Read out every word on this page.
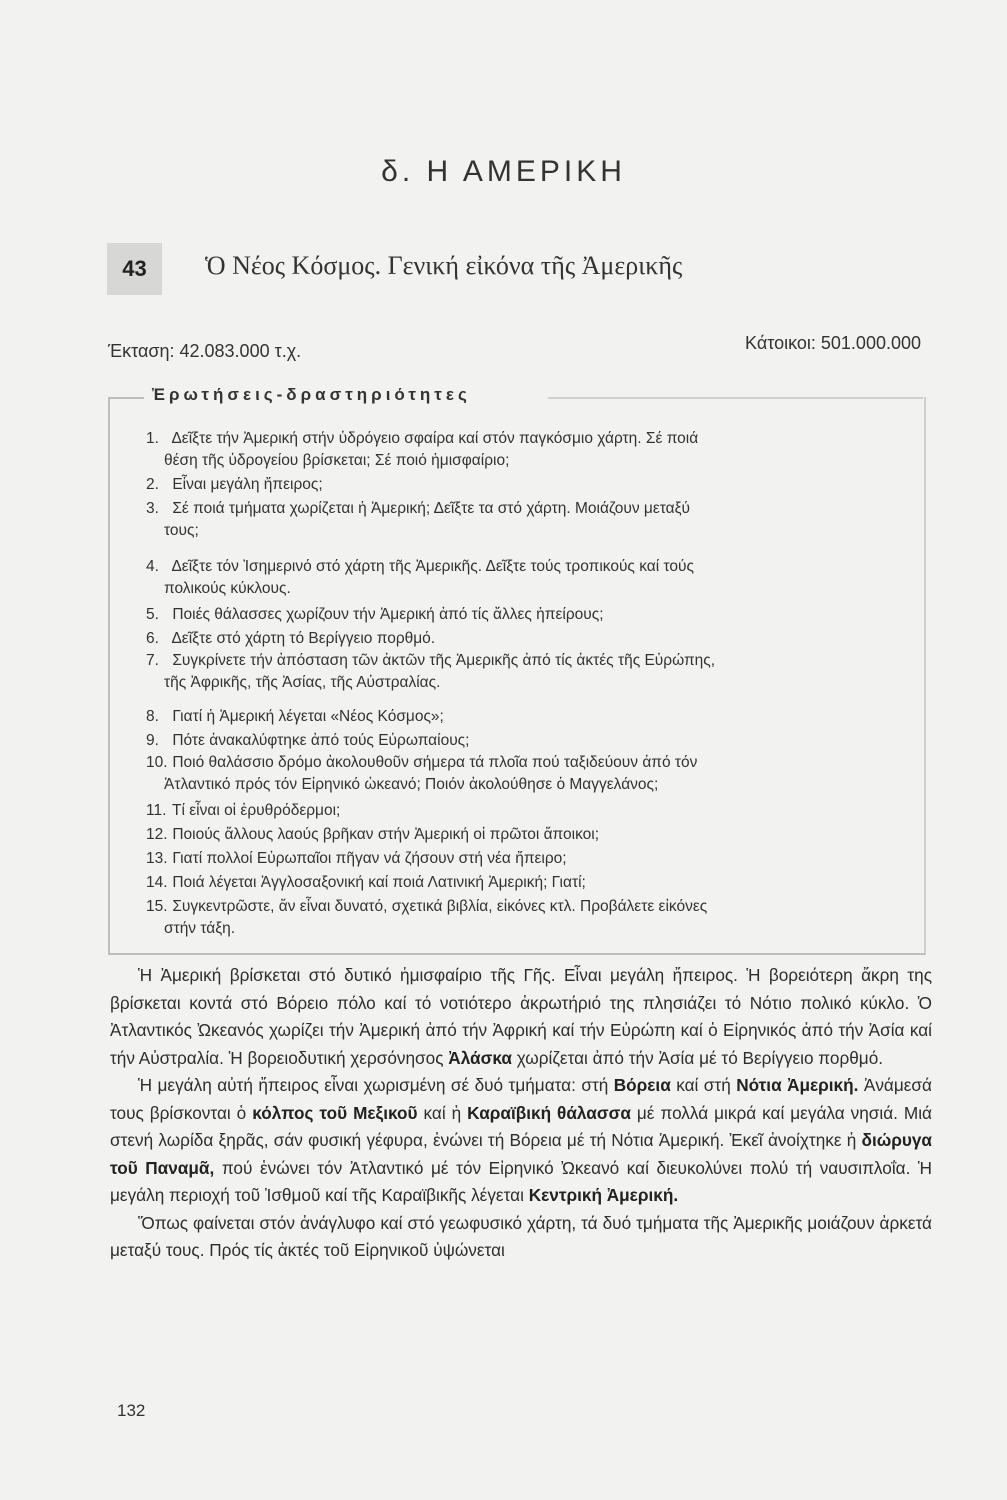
δ. Η ΑΜΕΡΙΚΗ
43	Ὁ Νέος Κόσμος. Γενική εἰκόνα τῆς Ἀμερικῆς
Έκταση: 42.083.000 τ.χ.	Κάτοικοι: 501.000.000
Ἐρωτήσεις-δραστηριότητες
1. Δεῖξτε τήν Ἀμερική στήν ὑδρόγειο σφαίρα καί στόν παγκόσμιο χάρτη. Σέ ποιά
θέση τῆς ὑδρογείου βρίσκεται; Σέ ποιό ἡμισφαίριο;
2. Εἶναι μεγάλη ἤπειρος;
3. Σέ ποιά τμήματα χωρίζεται ἡ Ἀμερική; Δεῖξτε τα στό χάρτη. Μοιάζουν μεταξύ
τους;
4. Δεῖξτε τόν Ἰσημερινό στό χάρτη τῆς Ἀμερικῆς. Δεῖξτε τούς τροπικούς καί τούς
πολικούς κύκλους.
5. Ποιές θάλασσες χωρίζουν τήν Ἀμερική ἀπό τίς ἄλλες ἠπείρους;
6. Δεῖξτε στό χάρτη τό Βερίγγειο πορθμό.
7. Συγκρίνετε τήν ἀπόσταση τῶν ἀκτῶν τῆς Ἀμερικῆς ἀπό τίς ἀκτές τῆς Εὐρώπης,
τῆς Ἀφρικῆς, τῆς Ἀσίας, τῆς Αὐστραλίας.
8. Γιατί ἡ Ἀμερική λέγεται «Νέος Κόσμος»;
9. Πότε ἀνακαλύφτηκε ἀπό τούς Εὐρωπαίους;
10. Ποιό θαλάσσιο δρόμο ἀκολουθοῦν σήμερα τά πλοῖα πού ταξιδεύουν ἀπό τόν
Ἀτλαντικό πρός τόν Εἰρηνικό ὠκεανό; Ποιόν ἀκολούθησε ὁ Μαγγελάνος;
11. Τί εἶναι οἱ ἐρυθρόδερμοι;
12. Ποιούς ἄλλους λαούς βρῆκαν στήν Ἀμερική οἱ πρῶτοι ἄποικοι;
13. Γιατί πολλοί Εὐρωπαῖοι πῆγαν νά ζήσουν στή νέα ἤπειρο;
14. Ποιά λέγεται Ἀγγλοσαξονική καί ποιά Λατινική Ἀμερική; Γιατί;
15. Συγκεντρῶστε, ἄν εἶναι δυνατό, σχετικά βιβλία, εἰκόνες κτλ. Προβάλετε εἰκόνες
στήν τάξη.

Ἡ Ἀμερική βρίσκεται στό δυτικό ἡμισφαίριο τῆς Γῆς. Εἶναι μεγάλη ἤπειρος. Ἡ βορειότερη ἄκρη της βρίσκεται κοντά στό Βόρειο πόλο καί τό νοτιότερο ἀκρωτήριό της πλησιάζει τό Νότιο πολικό κύκλο. Ὁ Ἀτλαντικός Ὠκεανός χωρίζει τήν Ἀμερική ἀπό τήν Ἀφρική καί τήν Εὐρώπη καί ὁ Εἰρηνικός ἀπό τήν Ἀσία καί τήν Αὐστραλία. Ἡ βορειοδυτική χερσόνησος Ἀλάσκα χωρίζεται ἀπό τήν Ἀσία μέ τό Βερίγγειο πορθμό.

Ἡ μεγάλη αὐτή ἤπειρος εἶναι χωρισμένη σέ δυό τμήματα: στή Βόρεια καί στή Νότια Ἀμερική. Ἀνάμεσά τους βρίσκονται ὁ κόλπος τοῦ Μεξικοῦ καί ἡ Καραϊβική θάλασσα μέ πολλά μικρά καί μεγάλα νησιά. Μιά στενή λωρίδα ξηρᾶς, σάν φυσική γέφυρα, ἑνώνει τή Βόρεια μέ τή Νότια Ἀμερική. Ἐκεῖ ἀνοίχτηκε ἡ διώρυγα τοῦ Παναμᾶ, πού ἑνώνει τόν Ἀτλαντικό μέ τόν Εἰρηνικό Ὠκεανό καί διευκολύνει πολύ τή ναυσιπλοΐα. Ἡ μεγάλη περιοχή τοῦ Ἰσθμοῦ καί τῆς Καραϊβικῆς λέγεται Κεντρική Ἀμερική.

Ὅπως φαίνεται στόν ἀνάγλυφο καί στό γεωφυσικό χάρτη, τά δυό τμήματα τῆς Ἀμερικῆς μοιάζουν ἀρκετά μεταξύ τους. Πρός τίς ἀκτές τοῦ Εἰρηνικοῦ ὑψώνεται

132
